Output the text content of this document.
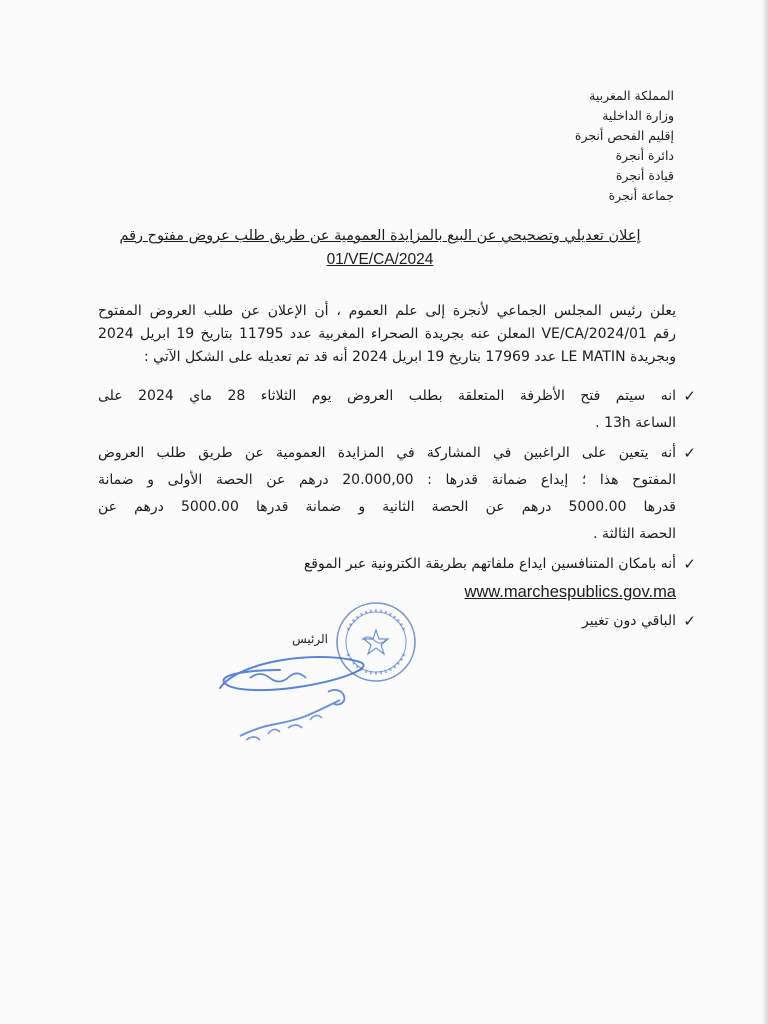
المملكة المغربية
وزارة الداخلية
إقليم الفحص أنجرة
دائرة أنجرة
قيادة أنجرة
جماعة أنجرة
إعلان تعديلي وتصحيحي عن البيع بالمزايدة العمومية عن طريق طلب عروض مفتوح رقم
01/VE/CA/2024

يعلن رئيس المجلس الجماعي لأنجرة إلى علم العموم ، أن الإعلان عن طلب العروض المفتوح

رقم 01/VE/CA/2024 المعلن عنه بجريدة الصحراء المغربية عدد 11795 بتاريخ 19 ابريل 2024

وبجريدة LE MATIN عدد 17969 بتاريخ 19 ابريل 2024 أنه قد تم تعديله على الشكل الآتي :

✓

انه سيتم فتح الأظرفة المتعلقة بطلب العروض يوم الثلاثاء 28 ماي 2024 على

الساعة 13h .

✓

أنه يتعين على الراغبين في المشاركة في المزايدة العمومية عن طريق طلب العروض

المفتوح هذا ؛ إيداع ضمانة قدرها : 20.000,00 درهم عن الحصة الأولى و ضمانة

قدرها 5000.00 درهم عن الحصة الثانية و ضمانة قدرها 5000.00 درهم عن

الحصة الثالثة .

✓

أنه بامكان المتنافسين ايداع ملفاتهم بطريقة الكترونية عبر الموقع

www.marchespublics.gov.ma
✓
الباقي دون تغيير
الرئيس
